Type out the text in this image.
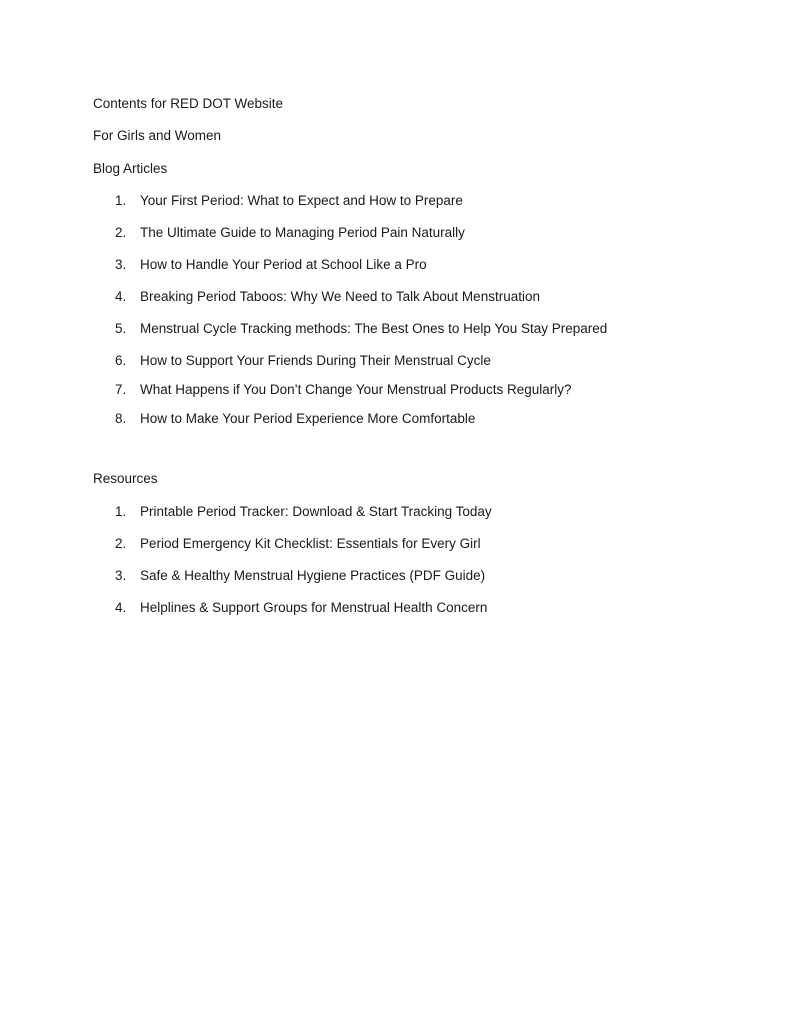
Contents for RED DOT Website

For Girls and Women

Blog Articles

1.	Your First Period: What to Expect and How to Prepare
2.	The Ultimate Guide to Managing Period Pain Naturally
3.	How to Handle Your Period at School Like a Pro
4.	Breaking Period Taboos: Why We Need to Talk About Menstruation
5.	Menstrual Cycle Tracking methods: The Best Ones to Help You Stay Prepared
6.	How to Support Your Friends During Their Menstrual Cycle
7.	What Happens if You Don’t Change Your Menstrual Products Regularly?
8.	How to Make Your Period Experience More Comfortable

Resources

1.	Printable Period Tracker: Download & Start Tracking Today
2.	Period Emergency Kit Checklist: Essentials for Every Girl
3.	Safe & Healthy Menstrual Hygiene Practices (PDF Guide)
4.	Helplines & Support Groups for Menstrual Health Concern
